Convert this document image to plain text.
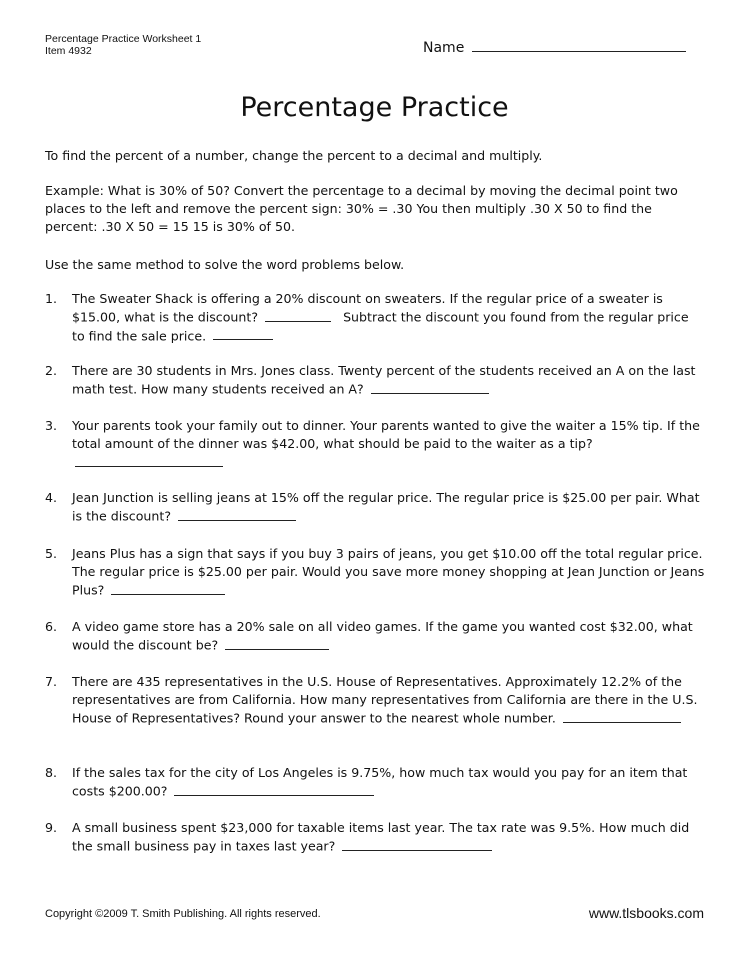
Percentage Practice Worksheet 1
Item 4932	Name
Percentage Practice

To find the percent of a number, change the percent to a decimal and multiply.

Example: What is 30% of 50? Convert the percentage to a decimal by moving the decimal point two places to the left and remove the percent sign: 30% = .30 You then multiply .30 X 50 to find the percent: .30 X 50 = 15 15 is 30% of 50.

Use the same method to solve the word problems below.

1. The Sweater Shack is offering a 20% discount on sweaters. If the regular price of a sweater is $15.00, what is the discount?	Subtract the discount you found from the regular price to find the sale price.
2. There are 30 students in Mrs. Jones class. Twenty percent of the students received an A on the last math test. How many students received an A?
3. Your parents took your family out to dinner. Your parents wanted to give the waiter a 15% tip. If the total amount of the dinner was $42.00, what should be paid to the waiter as a tip?
4. Jean Junction is selling jeans at 15% off the regular price. The regular price is $25.00 per pair. What is the discount?
5. Jeans Plus has a sign that says if you buy 3 pairs of jeans, you get $10.00 off the total regular price. The regular price is $25.00 per pair. Would you save more money shopping at Jean Junction or Jeans Plus?
6. A video game store has a 20% sale on all video games. If the game you wanted cost $32.00, what would the discount be?
7. There are 435 representatives in the U.S. House of Representatives. Approximately 12.2% of the representatives are from California. How many representatives from California are there in the U.S. House of Representatives? Round your answer to the nearest whole number.
8. If the sales tax for the city of Los Angeles is 9.75%, how much tax would you pay for an item that costs $200.00?
9. A small business spent $23,000 for taxable items last year. The tax rate was 9.5%. How much did the small business pay in taxes last year?
Copyright ©2009 T. Smith Publishing. All rights reserved.	www.tlsbooks.com
